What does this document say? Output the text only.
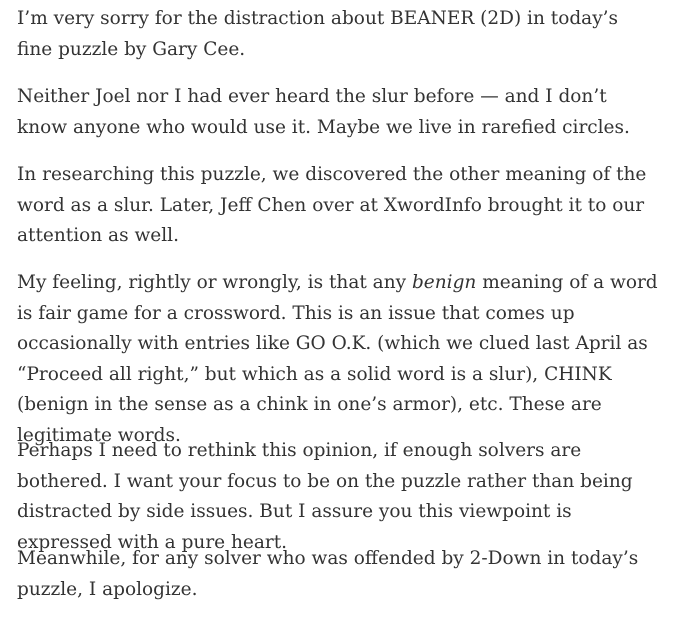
I’m very sorry for the distraction about BEANER (2D) in today’s fine puzzle by Gary Cee.

Neither Joel nor I had ever heard the slur before — and I don’t know anyone who would use it. Maybe we live in rarefied circles.

In researching this puzzle, we discovered the other meaning of the word as a slur. Later, Jeff Chen over at XwordInfo brought it to our attention as well.

My feeling, rightly or wrongly, is that any benign meaning of a word is fair game for a crossword. This is an issue that comes up occasionally with entries like GO O.K. (which we clued last April as “Proceed all right,” but which as a solid word is a slur), CHINK (benign in the sense as a chink in one’s armor), etc. These are legitimate words.

Perhaps I need to rethink this opinion, if enough solvers are bothered. I want your focus to be on the puzzle rather than being distracted by side issues. But I assure you this viewpoint is expressed with a pure heart.

Meanwhile, for any solver who was offended by 2-Down in today’s puzzle, I apologize.
